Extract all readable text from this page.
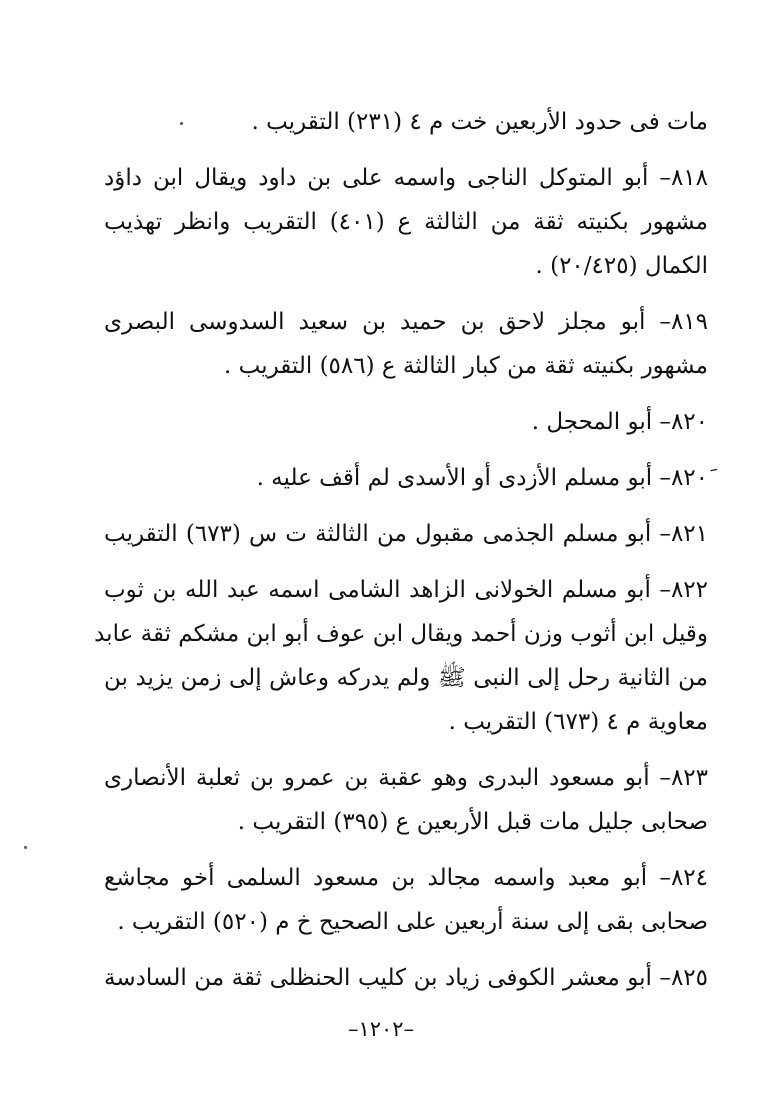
مات فى حدود الأربعين خت م ٤ (٢٣١) التقريب .
٨١٨– أبو المتوكل الناجى واسمه على بن داود ويقال ابن داؤد
مشهور بكنيته ثقة من الثالثة ع (٤٠١) التقريب وانظر تهذيب
الكمال (٢٠/٤٢٥) .
٨١٩– أبو مجلز لاحق بن حميد بن سعيد السدوسى البصرى
مشهور بكنيته ثقة من كبار الثالثة ع (٥٨٦) التقريب .
٨٢٠– أبو المحجل .
٨٢٠َ– أبو مسلم الأزدى أو الأسدى لم أقف عليه .
٨٢١– أبو مسلم الجذمى مقبول من الثالثة ت س (٦٧٣) التقريب
٨٢٢– أبو مسلم الخولانى الزاهد الشامى اسمه عبد الله بن ثوب
وقيل ابن أثوب وزن أحمد ويقال ابن عوف أبو ابن مشكم ثقة عابد
من الثانية رحل إلى النبى ﷺ ولم يدركه وعاش إلى زمن يزيد بن
معاوية م ٤ (٦٧٣) التقريب .
٨٢٣– أبو مسعود البدرى وهو عقبة بن عمرو بن ثعلبة الأنصارى
صحابى جليل مات قبل الأربعين ع (٣٩٥) التقريب .
٨٢٤– أبو معبد واسمه مجالد بن مسعود السلمى أخو مجاشع
صحابى بقى إلى سنة أربعين على الصحيح خ م (٥٢٠) التقريب .
٨٢٥– أبو معشر الكوفى زياد بن كليب الحنظلى ثقة من السادسة
–١٢٠٢–
